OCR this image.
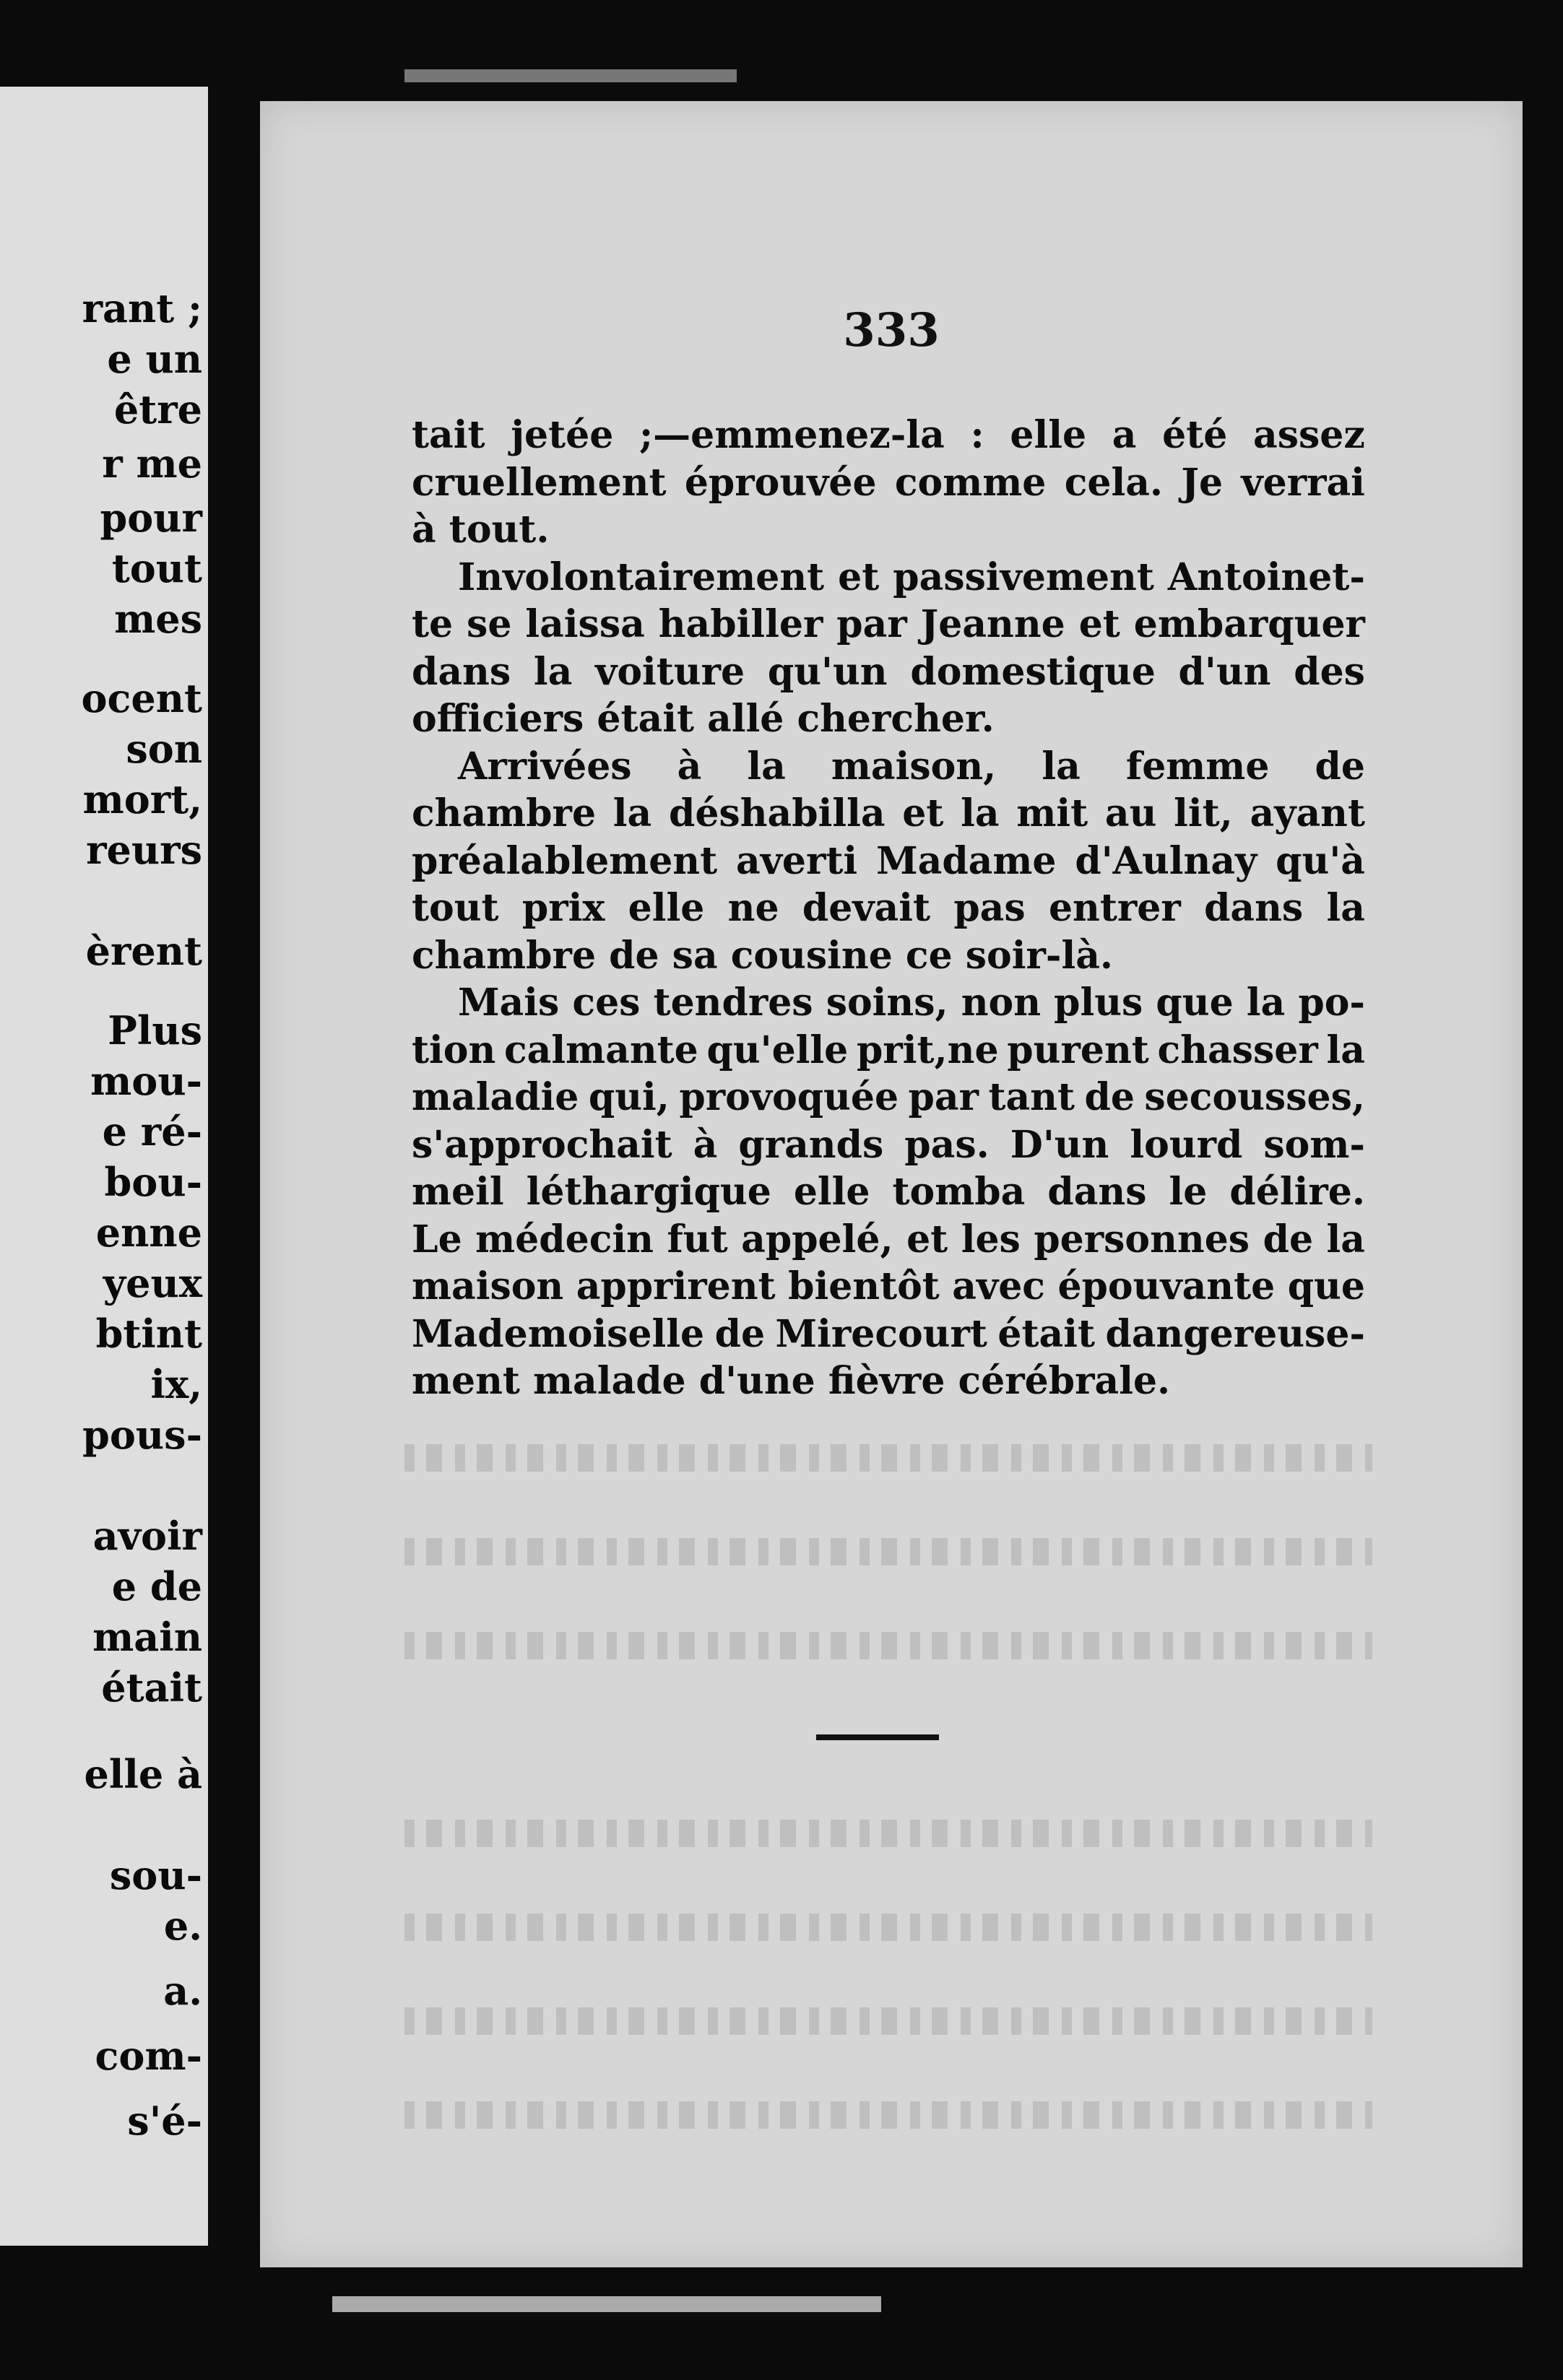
rant ;
e un
être
r me
pour
tout
mes
ocent
son
mort,
reurs
èrent
Plus
mou-
e ré-
bou-
enne
yeux
btint
ix,
pous-
avoir
e de
main
était
elle à
sou-
e.
a.
com-
s'é-
333
tait jetée ;—emmenez-la : elle a été assez
cruellement éprouvée comme cela. Je verrai
à tout.
Involontairement et passivement Antoinet-
te se laissa habiller par Jeanne et embarquer
dans la voiture qu'un domestique d'un des
officiers était allé chercher.
Arrivées à la maison, la femme de
chambre la déshabilla et la mit au lit, ayant
préalablement averti Madame d'Aulnay qu'à
tout prix elle ne devait pas entrer dans la
chambre de sa cousine ce soir-là.
Mais ces tendres soins, non plus que la po-
tion calmante qu'elle prit,ne purent chasser la
maladie qui, provoquée par tant de secousses,
s'approchait à grands pas. D'un lourd som-
meil léthargique elle tomba dans le délire.
Le médecin fut appelé, et les personnes de la
maison apprirent bientôt avec épouvante que
Mademoiselle de Mirecourt était dangereuse-
ment malade d'une fièvre cérébrale.
